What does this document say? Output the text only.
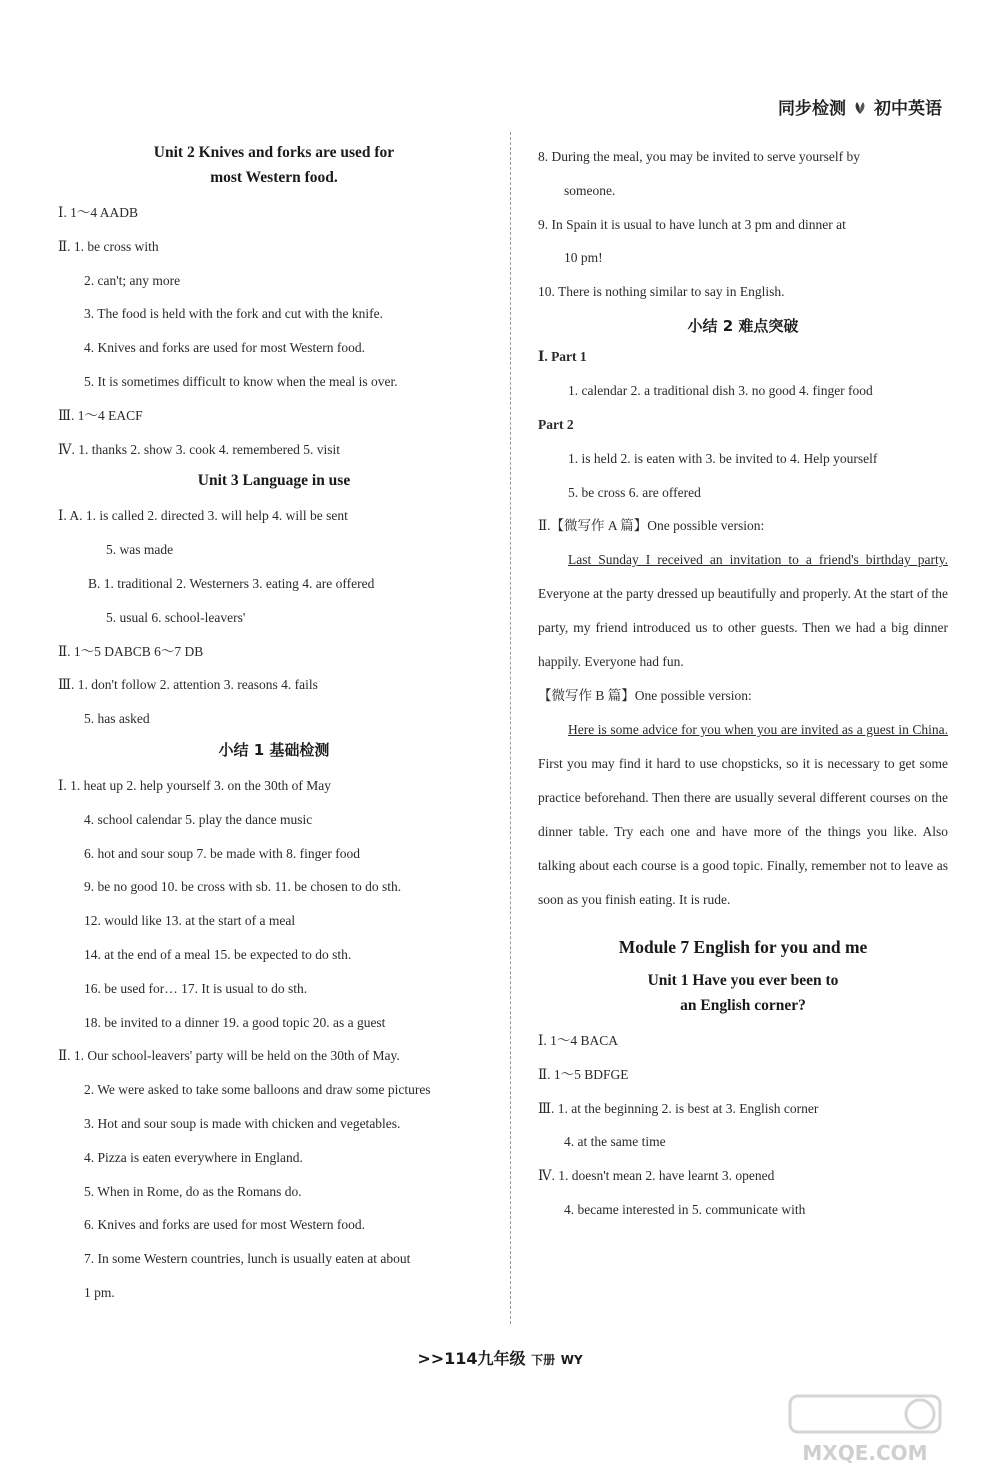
同步检测 初中英语
Unit 2 Knives and forks are used for
most Western food.
Ⅰ. 1～4 AADB
Ⅱ. 1. be cross with
2. can't; any more
3. The food is held with the fork and cut with the knife.
4. Knives and forks are used for most Western food.
5. It is sometimes difficult to know when the meal is over.
Ⅲ. 1～4 EACF
Ⅳ. 1. thanks 2. show 3. cook 4. remembered 5. visit
Unit 3 Language in use
Ⅰ. A. 1. is called 2. directed 3. will help 4. will be sent
5. was made
B. 1. traditional 2. Westerners 3. eating 4. are offered
5. usual 6. school-leavers'
Ⅱ. 1～5 DABCB 6～7 DB
Ⅲ. 1. don't follow 2. attention 3. reasons 4. fails
5. has asked
小结 1 基础检测
Ⅰ. 1. heat up 2. help yourself 3. on the 30th of May
4. school calendar 5. play the dance music
6. hot and sour soup 7. be made with 8. finger food
9. be no good 10. be cross with sb. 11. be chosen to do sth.
12. would like 13. at the start of a meal
14. at the end of a meal 15. be expected to do sth.
16. be used for… 17. It is usual to do sth.
18. be invited to a dinner 19. a good topic 20. as a guest
Ⅱ. 1. Our school-leavers' party will be held on the 30th of May.
2. We were asked to take some balloons and draw some pictures
3. Hot and sour soup is made with chicken and vegetables.
4. Pizza is eaten everywhere in England.
5. When in Rome, do as the Romans do.
6. Knives and forks are used for most Western food.
7. In some Western countries, lunch is usually eaten at about
1 pm.
8. During the meal, you may be invited to serve yourself by
someone.
9. In Spain it is usual to have lunch at 3 pm and dinner at
10 pm!
10. There is nothing similar to say in English.
小结 2 难点突破
Ⅰ. Part 1
1. calendar 2. a traditional dish 3. no good 4. finger food
Part 2
1. is held 2. is eaten with 3. be invited to 4. Help yourself
5. be cross 6. are offered
Ⅱ.【微写作 A 篇】One possible version:
Last Sunday I received an invitation to a friend's birthday party. Everyone at the party dressed up beautifully and properly. At the start of the party, my friend introduced us to other guests. Then we had a big dinner happily. Everyone had fun.
【微写作 B 篇】One possible version:
Here is some advice for you when you are invited as a guest in China. First you may find it hard to use chopsticks, so it is necessary to get some practice beforehand. Then there are usually several different courses on the dinner table. Try each one and have more of the things you like. Also talking about each course is a good topic. Finally, remember not to leave as soon as you finish eating. It is rude.
Module 7 English for you and me
Unit 1 Have you ever been to
an English corner?
Ⅰ. 1～4 BACA
Ⅱ. 1～5 BDFGE
Ⅲ. 1. at the beginning 2. is best at 3. English corner
4. at the same time
Ⅳ. 1. doesn't mean 2. have learnt 3. opened
4. became interested in 5. communicate with
>>114九年级 下册 WY
MXQE.COM
